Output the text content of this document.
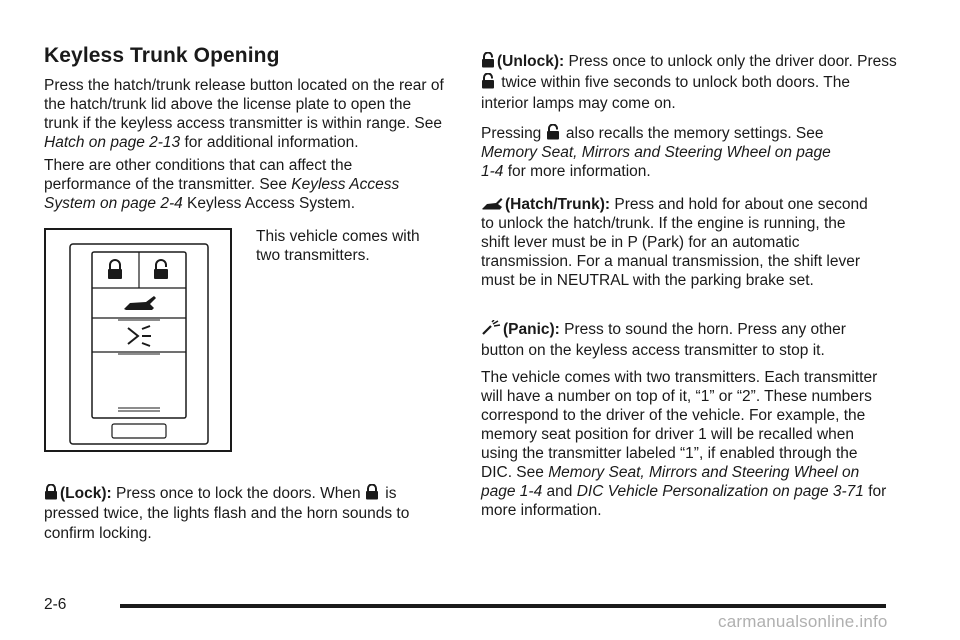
Keyless Trunk Opening

Press the hatch/trunk release button located on the rear of the hatch/trunk lid above the license plate to open the trunk if the keyless access transmitter is within range. See Hatch on page 2-13 for additional information.

There are other conditions that can affect the performance of the transmitter. See Keyless Access System on page 2-4 Keyless Access System.

This vehicle comes with two transmitters.

(Lock): Press once to lock the doors. When  is pressed twice, the lights flash and the horn sounds to confirm locking.

(Unlock): Press once to unlock only the driver door. Press  twice within five seconds to unlock both doors. The interior lamps may come on.

Pressing  also recalls the memory settings. See Memory Seat, Mirrors and Steering Wheel on page 1-4 for more information.

(Hatch/Trunk): Press and hold for about one second to unlock the hatch/trunk. If the engine is running, the shift lever must be in P (Park) for an automatic transmission. For a manual transmission, the shift lever must be in NEUTRAL with the parking brake set.

(Panic): Press to sound the horn. Press any other button on the keyless access transmitter to stop it.

The vehicle comes with two transmitters. Each transmitter will have a number on top of it, “1” or “2”. These numbers correspond to the driver of the vehicle. For example, the memory seat position for driver 1 will be recalled when using the transmitter labeled “1”, if enabled through the DIC. See Memory Seat, Mirrors and Steering Wheel on page 1-4 and DIC Vehicle Personalization on page 3-71 for more information.

2-6
carmanualsonline.info
